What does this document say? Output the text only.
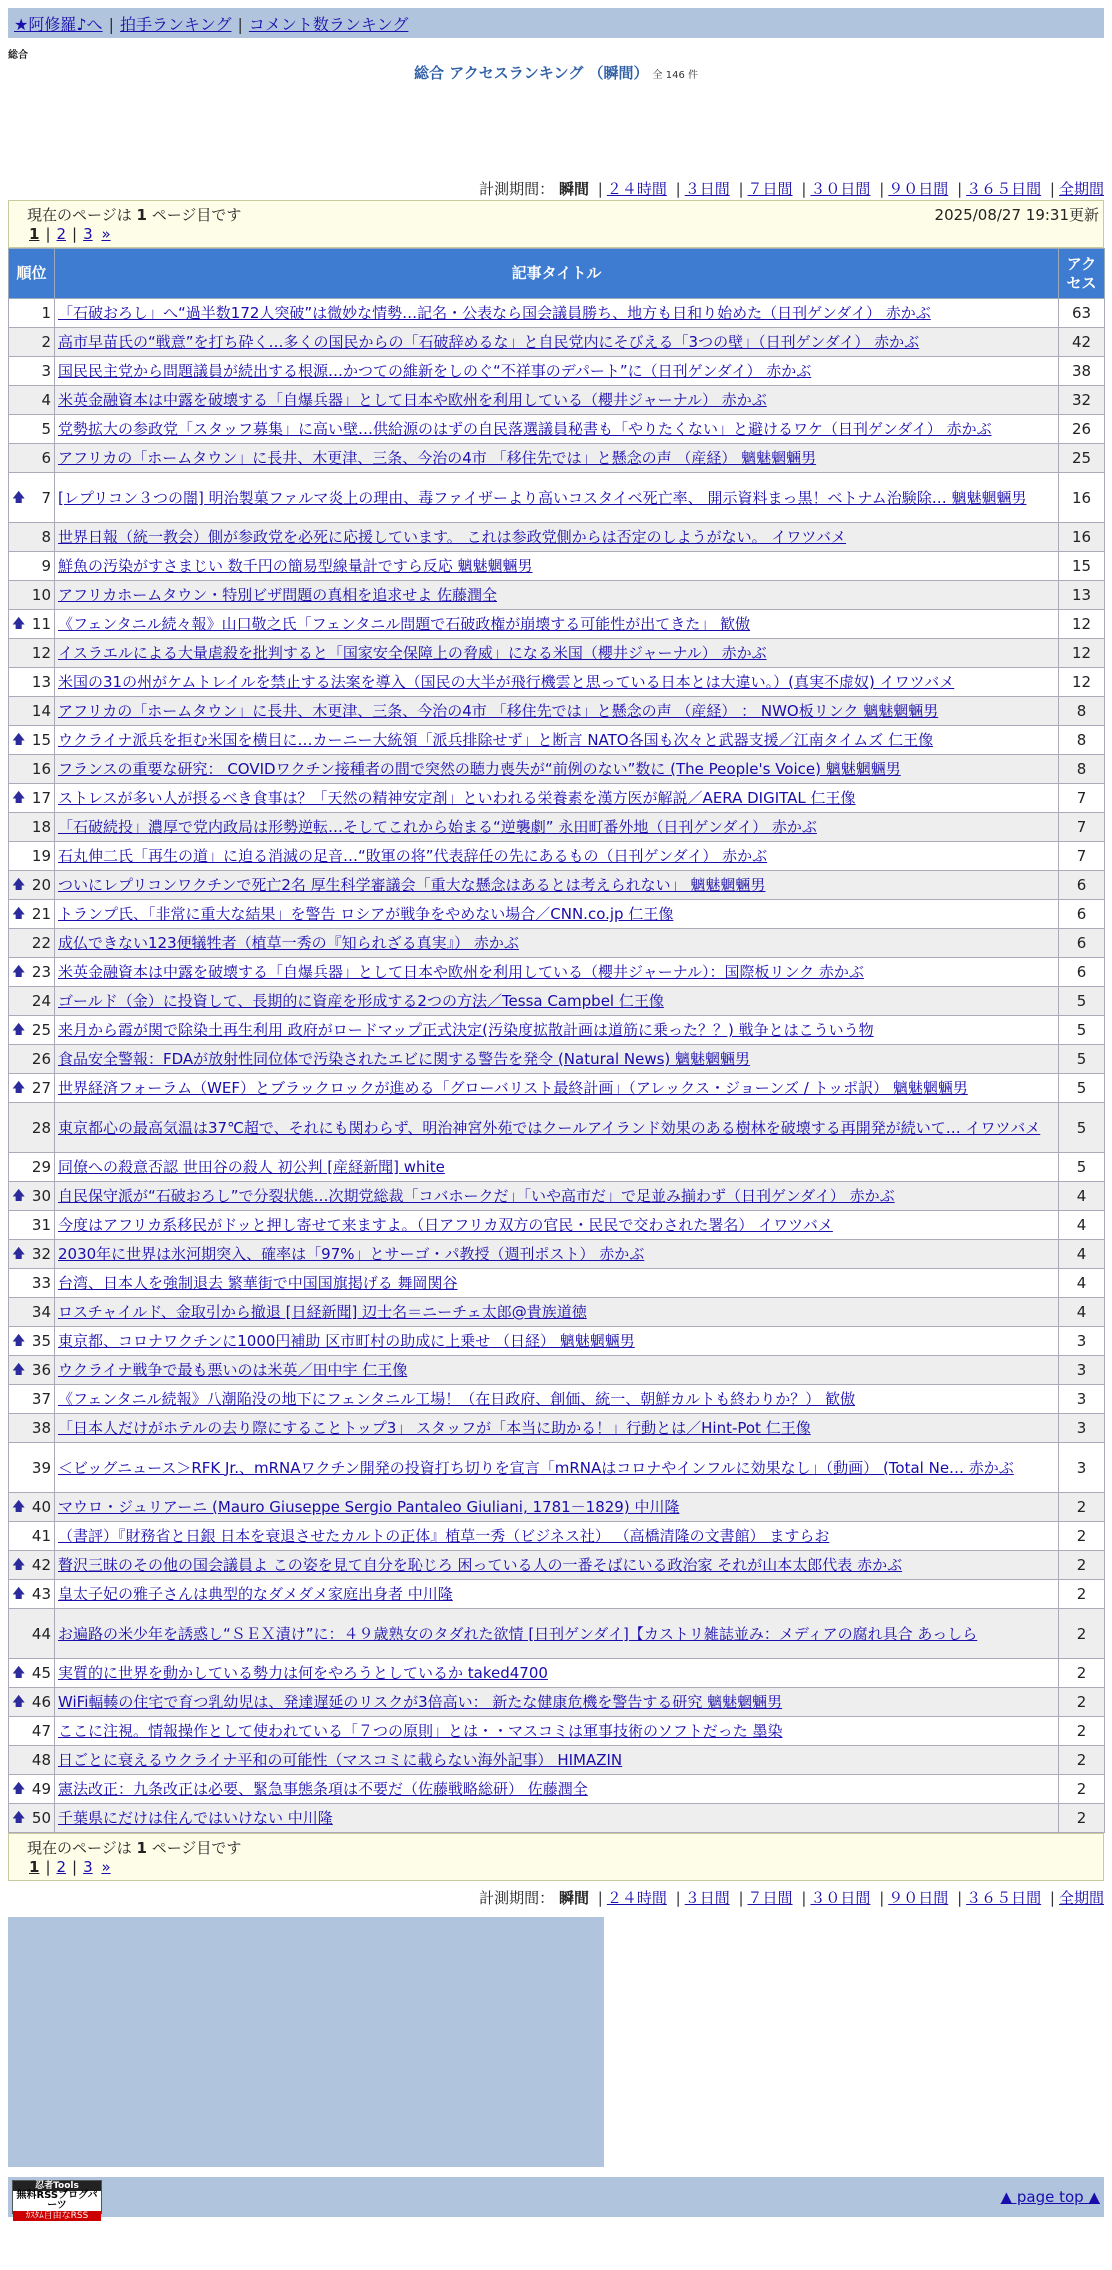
★阿修羅♪へ | 拍手ランキング | コメント数ランキング
総合
総合 アクセスランキング （瞬間） 全 146 件
計測期間： 瞬間 | ２４時間 | ３日間 | ７日間 | ３０日間 | ９０日間 | ３６５日間 | 全期間
現在のページは 1 ページ目です	2025/08/27 19:31更新
1 | 2 | 3 »
順位	記事タイトル	アクセス
1	「石破おろし」へ“過半数172人突破”は微妙な情勢…記名・公表なら国会議員勝ち、地方も日和り始めた（日刊ゲンダイ） 赤かぶ	63
2	高市早苗氏の“戦意”を打ち砕く…多くの国民からの「石破辞めるな」と自民党内にそびえる「3つの壁」（日刊ゲンダイ） 赤かぶ	42
3	国民民主党から問題議員が続出する根源…かつての維新をしのぐ“不祥事のデパート”に（日刊ゲンダイ） 赤かぶ	38
4	米英金融資本は中露を破壊する「自爆兵器」として日本や欧州を利用している（櫻井ジャーナル） 赤かぶ	32
5	党勢拡大の参政党「スタッフ募集」に高い壁…供給源のはずの自民落選議員秘書も「やりたくない」と避けるワケ（日刊ゲンダイ） 赤かぶ	26
6	アフリカの「ホームタウン」に長井、木更津、三条、今治の4市 「移住先では」と懸念の声 （産経） 魑魅魍魎男	25

🡅 7	[レプリコン３つの闇] 明治製菓ファルマ炎上の理由、毒ファイザーより高いコスタイベ死亡率、 開示資料まっ黒！ベトナム治験除… 魑魅魍魎男	16
8	世界日報（統一教会）側が参政党を必死に応援しています。 これは参政党側からは否定のしようがない。 イワツバメ	16
9	鮮魚の汚染がすさまじい 数千円の簡易型線量計ですら反応 魑魅魍魎男	15
10	アフリカホームタウン・特別ビザ問題の真相を追求せよ 佐藤潤全	13

🡅 11	《フェンタニル続々報》山口敬之氏「フェンタニル問題で石破政権が崩壊する可能性が出てきた」 歓傲	12
12	イスラエルによる大量虐殺を批判すると「国家安全保障上の脅威」になる米国（櫻井ジャーナル） 赤かぶ	12
13	米国の31の州がケムトレイルを禁止する法案を導入（国民の大半が飛行機雲と思っている日本とは大違い。）(真実不虚奴) イワツバメ	12
14	アフリカの「ホームタウン」に長井、木更津、三条、今治の4市 「移住先では」と懸念の声 （産経） ： NWO板リンク 魑魅魍魎男	8

🡅 15	ウクライナ派兵を拒む米国を横目に…カーニー大統領「派兵排除せず」と断言 NATO各国も次々と武器支援／江南タイムズ 仁王像	8
16	フランスの重要な研究： COVIDワクチン接種者の間で突然の聴力喪失が“前例のない”数に (The People's Voice) 魑魅魍魎男	8

🡅 17	ストレスが多い人が摂るべき食事は？「天然の精神安定剤」といわれる栄養素を漢方医が解説／AERA DIGITAL 仁王像	7
18	「石破続投」濃厚で党内政局は形勢逆転…そしてこれから始まる“逆襲劇” 永田町番外地（日刊ゲンダイ） 赤かぶ	7
19	石丸伸二氏「再生の道」に迫る消滅の足音…“敗軍の将”代表辞任の先にあるもの（日刊ゲンダイ） 赤かぶ	7

🡅 20	ついにレプリコンワクチンで死亡2名 厚生科学審議会「重大な懸念はあるとは考えられない」 魑魅魍魎男	6

🡅 21	トランプ氏、「非常に重大な結果」を警告 ロシアが戦争をやめない場合／CNN.co.jp 仁王像	6
22	成仏できない123便犠牲者（植草一秀の『知られざる真実』） 赤かぶ	6

🡅 23	米英金融資本は中露を破壊する「自爆兵器」として日本や欧州を利用している（櫻井ジャーナル）：国際板リンク 赤かぶ	6
24	ゴールド（金）に投資して、長期的に資産を形成する2つの方法／Tessa Campbel 仁王像	5

🡅 25	来月から霞が関で除染土再生利用 政府がロードマップ正式決定(汚染度拡散計画は道筋に乗った？？) 戦争とはこういう物	5
26	食品安全警報：FDAが放射性同位体で汚染されたエビに関する警告を発令 (Natural News) 魑魅魍魎男	5

🡅 27	世界経済フォーラム（WEF）とブラックロックが進める「グローバリスト最終計画」（アレックス・ジョーンズ / トッポ訳） 魑魅魍魎男	5
28	東京都心の最高気温は37℃超で、それにも関わらず、明治神宮外苑ではクールアイランド効果のある樹林を破壊する再開発が続いて… イワツバメ	5
29	同僚への殺意否認 世田谷の殺人 初公判 [産経新聞] white	5

🡅 30	自民保守派が“石破おろし”で分裂状態…次期党総裁「コバホークだ」「いや高市だ」で足並み揃わず（日刊ゲンダイ） 赤かぶ	4
31	今度はアフリカ系移民がドッと押し寄せて来ますよ。（日アフリカ双方の官民・民民で交わされた署名） イワツバメ	4

🡅 32	2030年に世界は氷河期突入、確率は「97%」とサーゴ・パ教授（週刊ポスト） 赤かぶ	4
33	台湾、日本人を強制退去 繁華街で中国国旗掲げる 舞岡関谷	4
34	ロスチャイルド、金取引から撤退 [日経新聞] 辺士名＝ニーチェ太郎@貴族道徳	4

🡅 35	東京都、コロナワクチンに1000円補助 区市町村の助成に上乗せ （日経） 魑魅魍魎男	3

🡅 36	ウクライナ戦争で最も悪いのは米英／田中宇 仁王像	3
37	《フェンタニル続報》八潮陥没の地下にフェンタニル工場！（在日政府、創価、統一、朝鮮カルトも終わりか？） 歓傲	3
38	「日本人だけがホテルの去り際にすることトップ3」 スタッフが「本当に助かる！」行動とは／Hint-Pot 仁王像	3
39	＜ビッグニュース＞RFK Jr.、mRNAワクチン開発の投資打ち切りを宣言「mRNAはコロナやインフルに効果なし」（動画） (Total Ne… 赤かぶ	3

🡅 40	マウロ・ジュリアーニ (Mauro Giuseppe Sergio Pantaleo Giuliani, 1781－1829) 中川隆	2
41	（書評）『財務省と日銀 日本を衰退させたカルトの正体』植草一秀（ビジネス社） （高橋清隆の文書館） ますらお	2

🡅 42	贅沢三昧のその他の国会議員よ この姿を見て自分を恥じろ 困っている人の一番そばにいる政治家 それが山本太郎代表 赤かぶ	2

🡅 43	皇太子妃の雅子さんは典型的なダメダメ家庭出身者 中川隆	2
44	お遍路の米少年を誘惑し“ＳＥＸ漬け”に：４９歳熟女のタダれた欲情 [日刊ゲンダイ]【カストリ雑誌並み：メディアの腐れ具合 あっしら	2

🡅 45	実質的に世界を動かしている勢力は何をやろうとしているか taked4700	2

🡅 46	WiFi輻輳の住宅で育つ乳幼児は、発達遅延のリスクが3倍高い： 新たな健康危機を警告する研究 魑魅魍魎男	2
47	ここに注視。情報操作として使われている「７つの原則」とは・・マスコミは軍事技術のソフトだった 墨染	2
48	日ごとに衰えるウクライナ平和の可能性（マスコミに載らない海外記事） HIMAZIN	2

🡅 49	憲法改正：九条改正は必要、緊急事態条項は不要だ（佐藤戦略総研） 佐藤潤全	2

🡅 50	千葉県にだけは住んではいけない 中川隆	2
現在のページは 1 ページ目です
1 | 2 | 3 »
計測期間： 瞬間 | ２４時間 | ３日間 | ７日間 | ３０日間 | ９０日間 | ３６５日間 | 全期間
忍者Tools
無料RSSブログパーツ
ｶｽﾀﾑ自由なRSS
▲ page top ▲
